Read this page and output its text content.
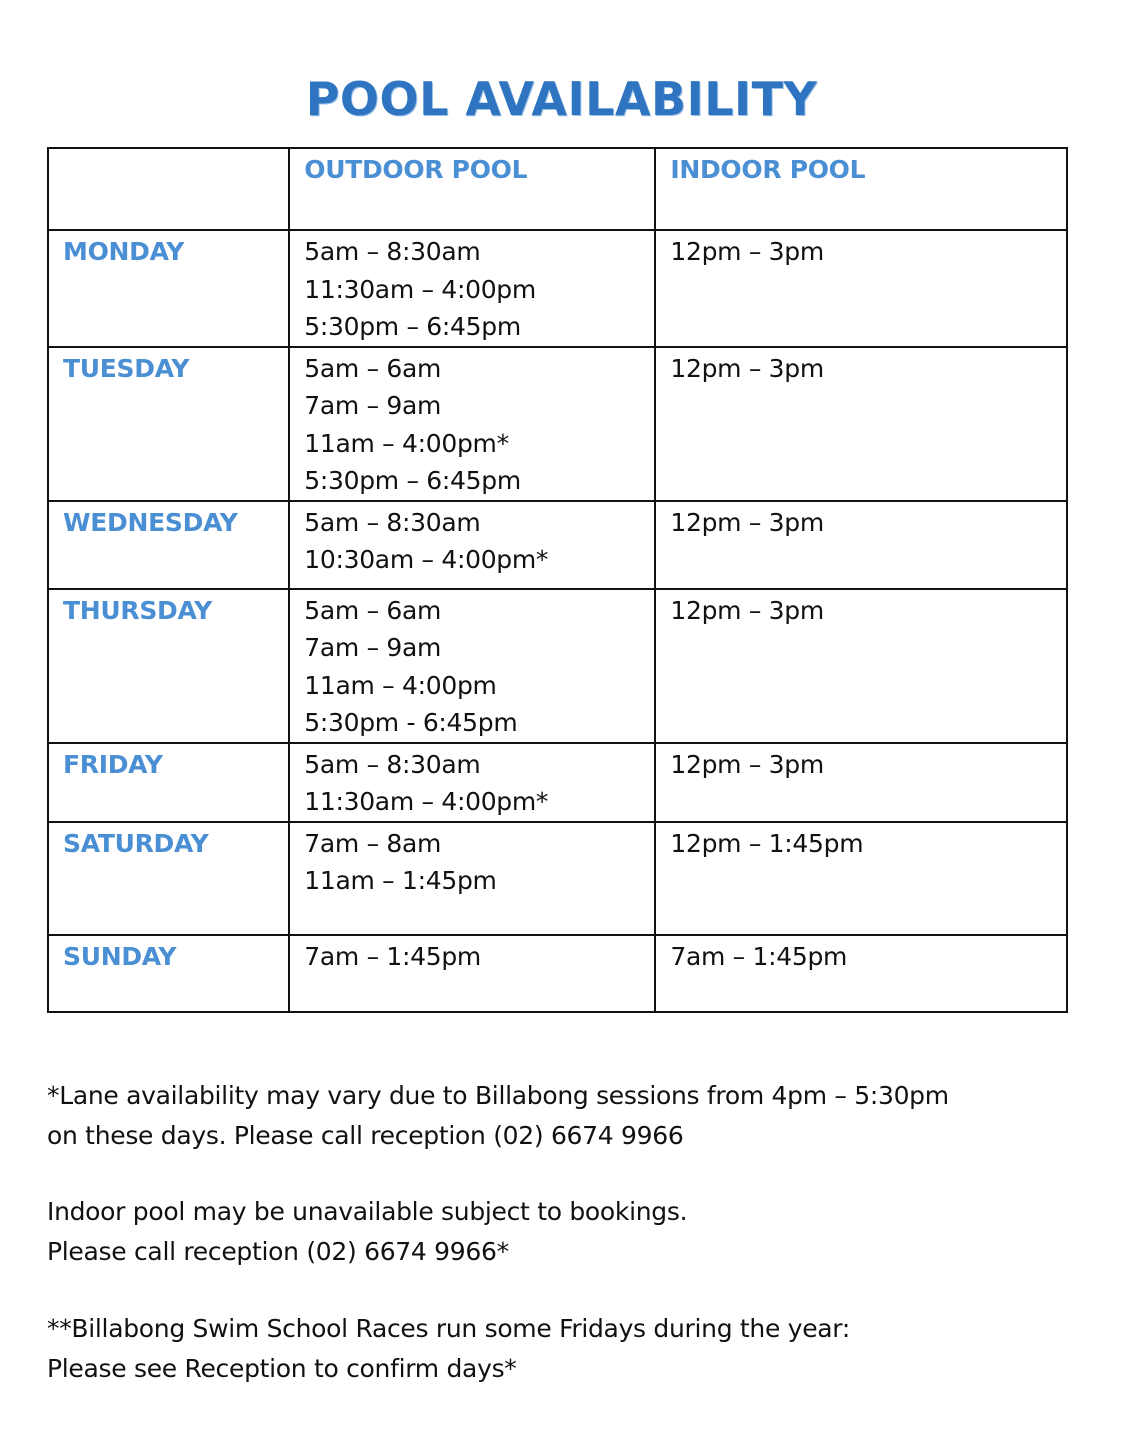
POOL AVAILABILITY
	OUTDOOR POOL	INDOOR POOL
MONDAY	5am – 8:30am
11:30am – 4:00pm
5:30pm – 6:45pm	12pm – 3pm

TUESDAY	5am – 6am
7am – 9am
11am – 4:00pm*
5:30pm – 6:45pm	12pm – 3pm

WEDNESDAY	5am – 8:30am
10:30am – 4:00pm*	12pm – 3pm

THURSDAY	5am – 6am
7am – 9am
11am – 4:00pm
5:30pm - 6:45pm	12pm – 3pm

FRIDAY	5am – 8:30am
11:30am – 4:00pm*	12pm – 3pm

SATURDAY	7am – 8am
11am – 1:45pm	12pm – 1:45pm

SUNDAY	7am – 1:45pm	7am – 1:45pm

*Lane availability may vary due to Billabong sessions from 4pm – 5:30pm

on these days. Please call reception (02) 6674 9966

Indoor pool may be unavailable subject to bookings.

Please call reception (02) 6674 9966*

**Billabong Swim School Races run some Fridays during the year:

Please see Reception to confirm days*
